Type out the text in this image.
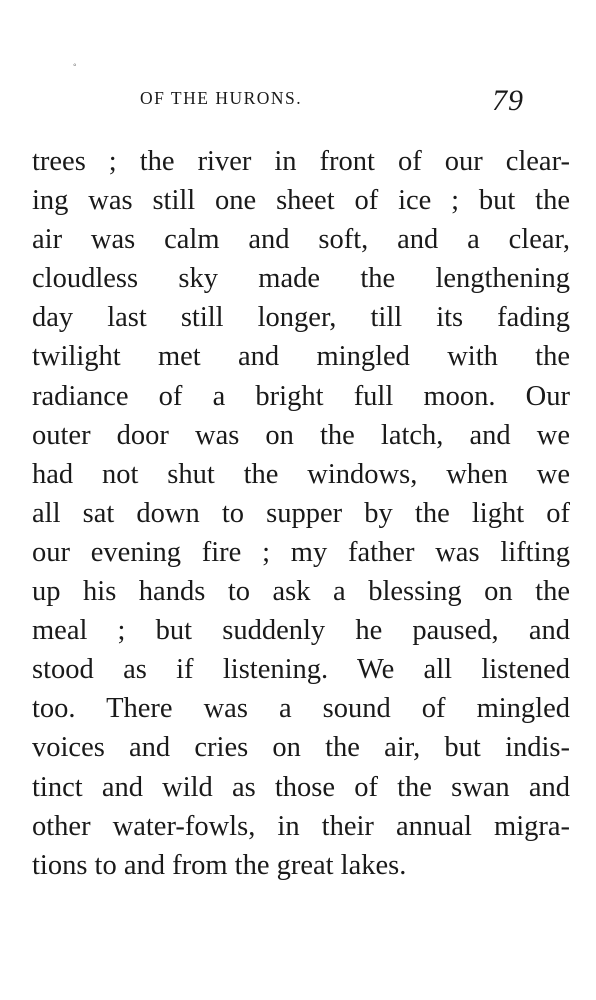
◦
OF THE HURONS.	79
trees ; the river in front of our clear-
ing was still one sheet of ice ; but the
air was calm and soft, and a clear,
cloudless sky made the lengthening
day last still longer, till its fading
twilight met and mingled with the
radiance of a bright full moon. Our
outer door was on the latch, and we
had not shut the windows, when we
all sat down to supper by the light of
our evening fire ; my father was lifting
up his hands to ask a blessing on the
meal ; but suddenly he paused, and
stood as if listening. We all listened
too. There was a sound of mingled
voices and cries on the air, but indis-
tinct and wild as those of the swan and
other water-fowls, in their annual migra-
tions to and from the great lakes.
